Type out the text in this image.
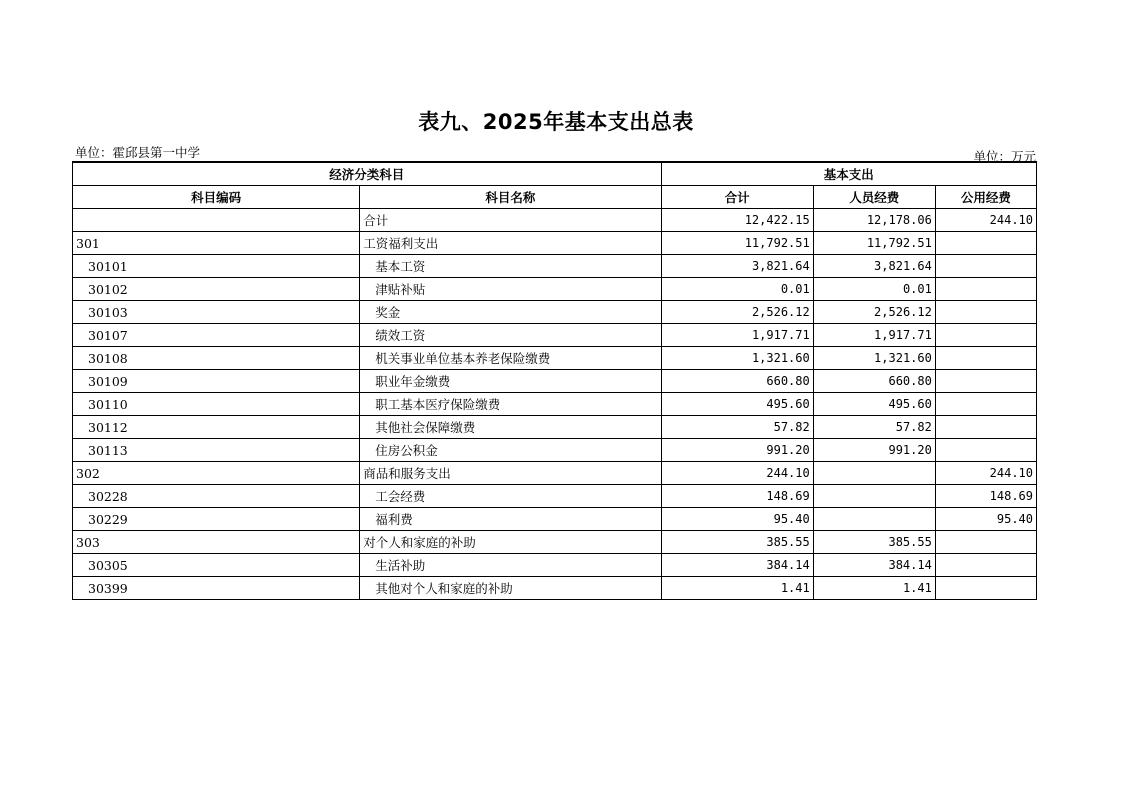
表九、2025年基本支出总表
单位：霍邱县第一中学	单位：万元
经济分类科目		基本支出		
科目编码	科目名称	合计	人员经费	公用经费
	合计	12,422.15	12,178.06	244.10
301	工资福利支出	11,792.51	11,792.51	
30101	基本工资	3,821.64	3,821.64	
30102	津贴补贴	0.01	0.01	
30103	奖金	2,526.12	2,526.12	
30107	绩效工资	1,917.71	1,917.71	
30108	机关事业单位基本养老保险缴费	1,321.60	1,321.60	
30109	职业年金缴费	660.80	660.80	
30110	职工基本医疗保险缴费	495.60	495.60	
30112	其他社会保障缴费	57.82	57.82	
30113	住房公积金	991.20	991.20	
302	商品和服务支出	244.10		244.10
30228	工会经费	148.69		148.69
30229	福利费	95.40		95.40
303	对个人和家庭的补助	385.55	385.55	
30305	生活补助	384.14	384.14	
30399	其他对个人和家庭的补助	1.41	1.41	
